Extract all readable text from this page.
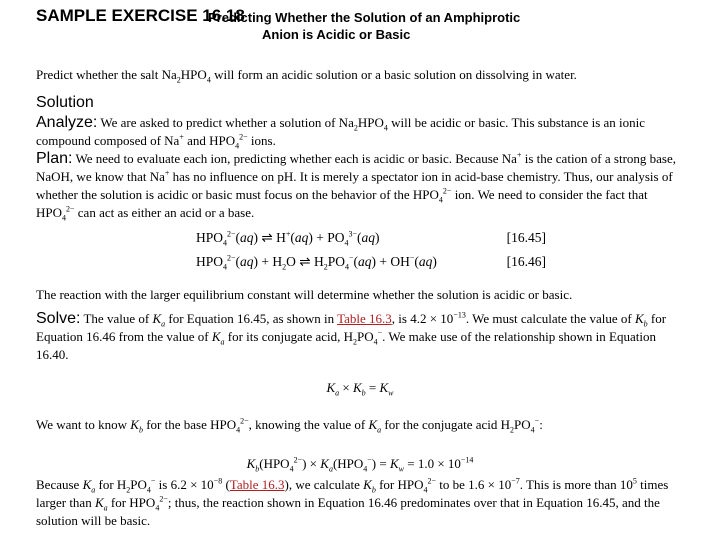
SAMPLE EXERCISE 16.18
Predicting Whether the Solution of an Amphiprotic
Anion is Acidic or Basic
Predict whether the salt $Na_2HPO_4$ will form an acidic solution or a basic solution on dissolving in water.
Solution
Analyze: We are asked to predict whether a solution of $Na_2HPO_4$ will be acidic or basic. This substance is an ionic compound composed of Na+ and $HPO_4^{2-}$ ions.
Plan: We need to evaluate each ion, predicting whether each is acidic or basic. Because Na+ is the cation of a strong base, NaOH, we know that Na+ has no influence on pH. It is merely a spectator ion in acid-base chemistry. Thus, our analysis of whether the solution is acidic or basic must focus on the behavior of the $HPO_4^{2-}$ ion. We need to consider the fact that $HPO_4^{2-}$ can act as either an acid or a base.
$HPO_4^{2-}(aq)$ ⇌ $H^+(aq) + PO_4^{3-}(aq)$	[16.45]
$HPO_4^{2-}(aq) + H_2O$ ⇌ $H_2PO_4^-(aq) + OH^-(aq)$	[16.46]
The reaction with the larger equilibrium constant will determine whether the solution is acidic or basic.
Solve: The value of $K_a$ for Equation 16.45, as shown in Table 16.3, is $4.2 \times 10^{-13}$. We must calculate the value of $K_b$ for Equation 16.46 from the value of $K_a$ for its conjugate acid, $H_2PO_4^-$. We make use of the relationship shown in Equation 16.40.
$K_a \times K_b = K_w$
We want to know $K_b$ for the base $HPO_4^{2-}$, knowing the value of $K_a$ for the conjugate acid $H_2PO_4^-$:
$K_b(HPO_4^{2-}) \times K_a(HPO_4^-) = K_w = 1.0 \times 10^{-14}$
Because $K_a$ for $H_2PO_4^-$ is $6.2 \times 10^{-8}$ (Table 16.3), we calculate $K_b$ for $HPO_4^{2-}$ to be $1.6 \times 10^{-7}$. This is more than $10^5$ times larger than $K_a$ for $HPO_4^{2-}$; thus, the reaction shown in Equation 16.46 predominates over that in Equation 16.45, and the solution will be basic.
